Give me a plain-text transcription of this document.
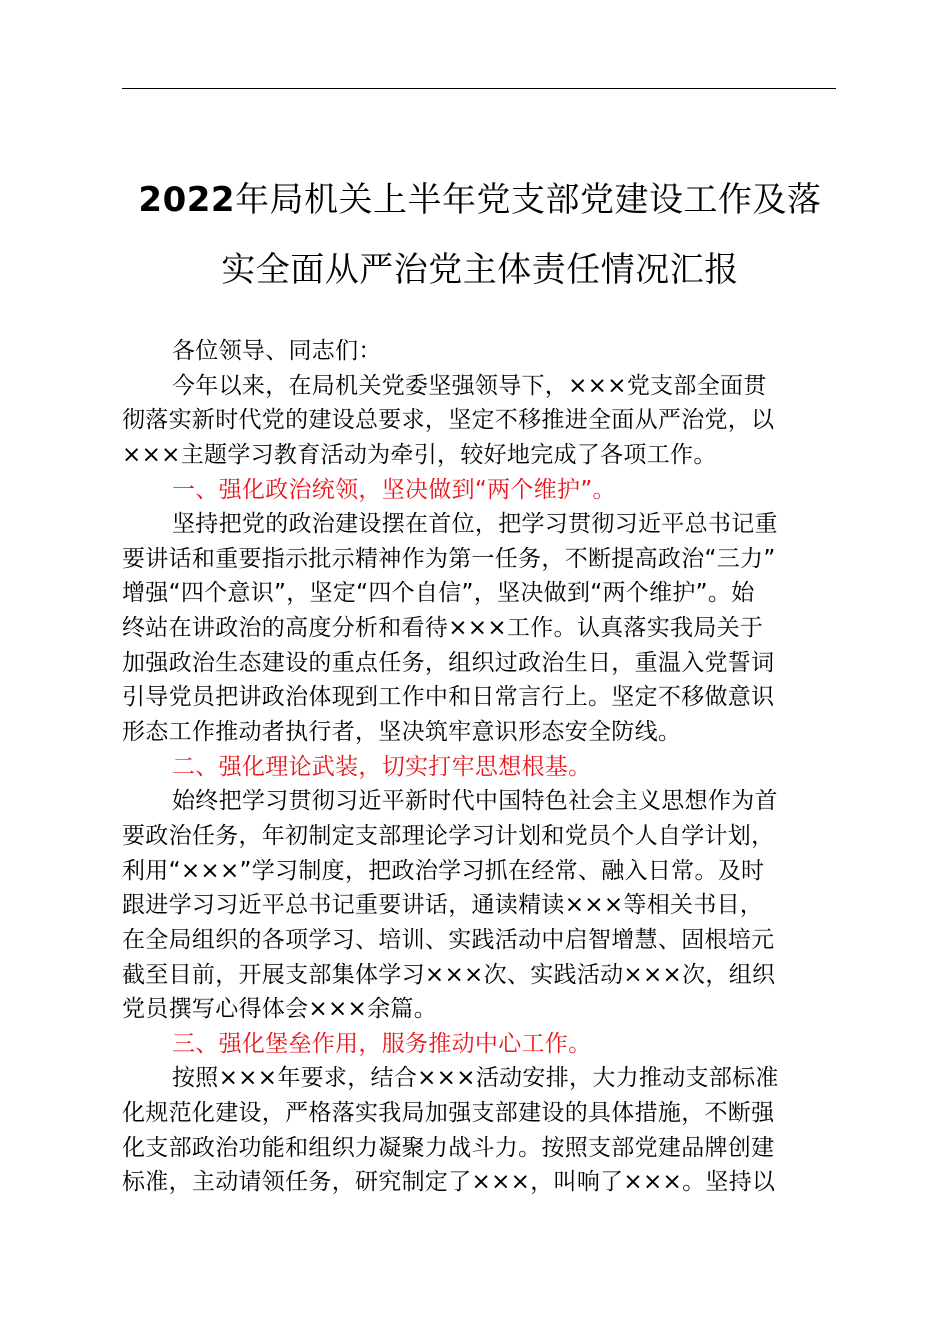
2022年局机关上半年党支部党建设工作及落
实全面从严治党主体责任情况汇报
各位领导、同志们：
今年以来，在局机关党委坚强领导下，×××党支部全面贯
彻落实新时代党的建设总要求，坚定不移推进全面从严治党，以
×××主题学习教育活动为牵引，较好地完成了各项工作。
一、强化政治统领，坚决做到“两个维护”。
坚持把党的政治建设摆在首位，把学习贯彻习近平总书记重
要讲话和重要指示批示精神作为第一任务，不断提高政治“三力”
增强“四个意识”，坚定“四个自信”，坚决做到“两个维护”。始
终站在讲政治的高度分析和看待×××工作。认真落实我局关于
加强政治生态建设的重点任务，组织过政治生日，重温入党誓词
引导党员把讲政治体现到工作中和日常言行上。坚定不移做意识
形态工作推动者执行者，坚决筑牢意识形态安全防线。
二、强化理论武装，切实打牢思想根基。
始终把学习贯彻习近平新时代中国特色社会主义思想作为首
要政治任务，年初制定支部理论学习计划和党员个人自学计划，
利用“×××”学习制度，把政治学习抓在经常、融入日常。及时
跟进学习习近平总书记重要讲话，通读精读×××等相关书目，
在全局组织的各项学习、培训、实践活动中启智增慧、固根培元
截至目前，开展支部集体学习×××次、实践活动×××次，组织
党员撰写心得体会×××余篇。
三、强化堡垒作用，服务推动中心工作。
按照×××年要求，结合×××活动安排，大力推动支部标准
化规范化建设，严格落实我局加强支部建设的具体措施，不断强
化支部政治功能和组织力凝聚力战斗力。按照支部党建品牌创建
标准，主动请领任务，研究制定了×××，叫响了×××。坚持以
